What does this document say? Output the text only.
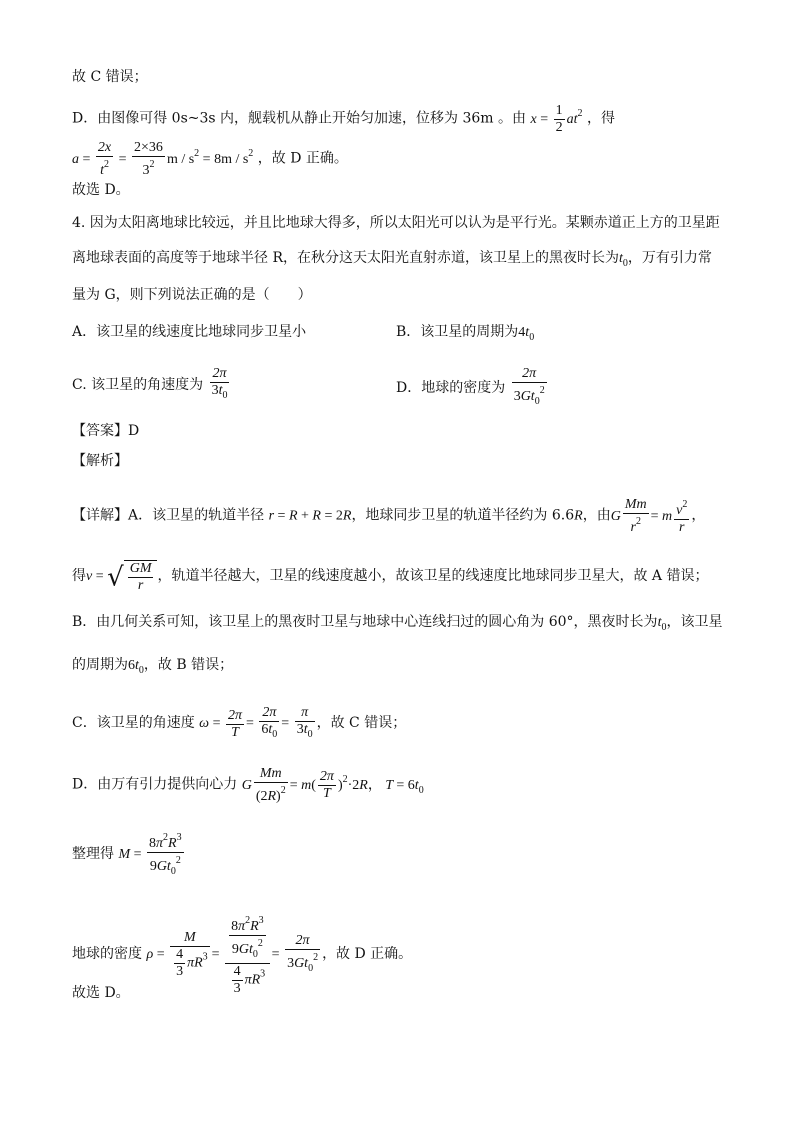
故 C 错误；
D．由图像可得 0s~3s 内，舰载机从静止开始匀加速，位移为 36m 。由 $x = \frac{1}{2} at^2$ ，得
$a = \frac{2x}{t^2} = \frac{2\times 36}{3^2}$ $m / s^2 = 8m / s^2$ ，故 D 正确。
故选 D。
4. 因为太阳离地球比较远，并且比地球大得多，所以太阳光可以认为是平行光。某颗赤道正上方的卫星距
离地球表面的高度等于地球半径 R，在秋分这天太阳光直射赤道，该卫星上的黑夜时长为$t_0$，万有引力常
量为 G，则下列说法正确的是（　　）
A．该卫星的线速度比地球同步卫星小	B．该卫星的周期为$4t_0$
C. 该卫星的角速度为 $\frac{2\pi}{3t_0}$	D．地球的密度为 $\frac{2\pi}{3Gt_0^2}$
【答案】D
【解析】
【详解】A．该卫星的轨道半径 r = R + R = 2R，地球同步卫星的轨道半径约为 6.6R，由G $\frac{Mm}{r^2} = m \frac{v^2}{r}$ ，
得v = √ $\frac{GM}{r}$ ，轨道半径越大，卫星的线速度越小，故该卫星的线速度比地球同步卫星大，故 A 错误；
B．由几何关系可知，该卫星上的黑夜时卫星与地球中心连线扫过的圆心角为 60°，黑夜时长为$t_0$，该卫星
的周期为$6t_0$，故 B 错误；
C．该卫星的角速度 $\omega = \frac{2\pi}{T} = \frac{2\pi}{6t_0} = \frac{\pi}{3t_0}$ ，故 C 错误；
D．由万有引力提供向心力 G $\frac{Mm}{(2R)^2} = m( \frac{2\pi}{T} )^2\cdot 2R$， $T = 6t_0$
整理得 $M = \frac{8\pi^2R^3}{9Gt_0^2}$
地球的密度 $\rho = \frac{M}{\frac{4}{3} \pi R^3} = \frac{\frac{8\pi^2R^3}{9Gt_0^2}}{\frac{4}{3} \pi R^3} = \frac{2\pi}{3Gt_0^2}$ ，故 D 正确。
故选 D。
